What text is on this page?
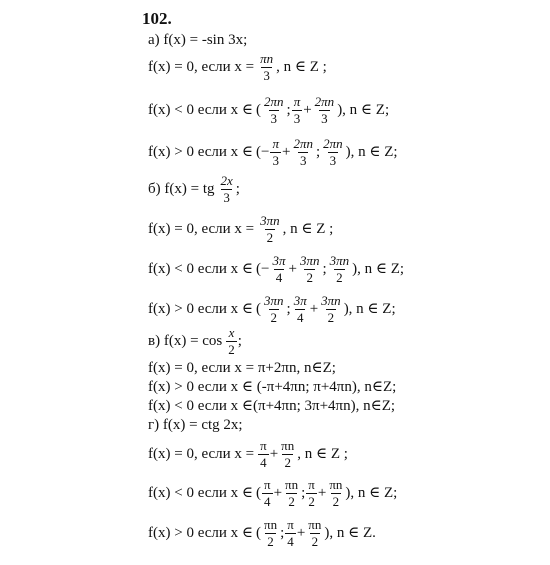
102.
а) f(x) = -sin 3x;
f(x) = 0, если $x = \frac{\pi n}{3}$ , n ∈ Z ;
f(x) < 0 если x ∈ ( $\frac{2\pi n}{3}$ ; $\frac{\pi}{3} + \frac{2\pi n}{3}$ ), n ∈ Z;
f(x) > 0 если x ∈ (− $\frac{\pi}{3} + \frac{2\pi n}{3}$ ; $\frac{2\pi n}{3}$ ), n ∈ Z;
б) f(x) = tg $\frac{2x}{3}$ ;
f(x) = 0, если $x = \frac{3\pi n}{2}$ , n ∈ Z ;
f(x) < 0 если x ∈ (− $\frac{3\pi}{4} + \frac{3\pi n}{2}$ ; $\frac{3\pi n}{2}$ ), n ∈ Z;
f(x) > 0 если x ∈ ( $\frac{3\pi n}{2}$ ; $\frac{3\pi}{4} + \frac{3\pi n}{2}$ ), n ∈ Z;
в) $f(x) = \cos \frac{x}{2}$ ;
f(x) = 0, если x = π+2πn, n∈Z;
f(x) > 0 если x ∈ (-π+4πn; π+4πn), n∈Z;
f(x) < 0 если x ∈(π+4πn; 3π+4πn), n∈Z;
г) f(x) = ctg 2x;
f(x) = 0, если $x = \frac{\pi}{4} + \frac{\pi n}{2}$ , n ∈ Z ;
f(x) < 0 если x ∈ ( $\frac{\pi}{4} + \frac{\pi n}{2}$ ; $\frac{\pi}{2} + \frac{\pi n}{2}$ ), n ∈ Z;
f(x) > 0 если x ∈ ( $\frac{\pi n}{2}$ ; $\frac{\pi}{4} + \frac{\pi n}{2}$ ), n ∈ Z.
